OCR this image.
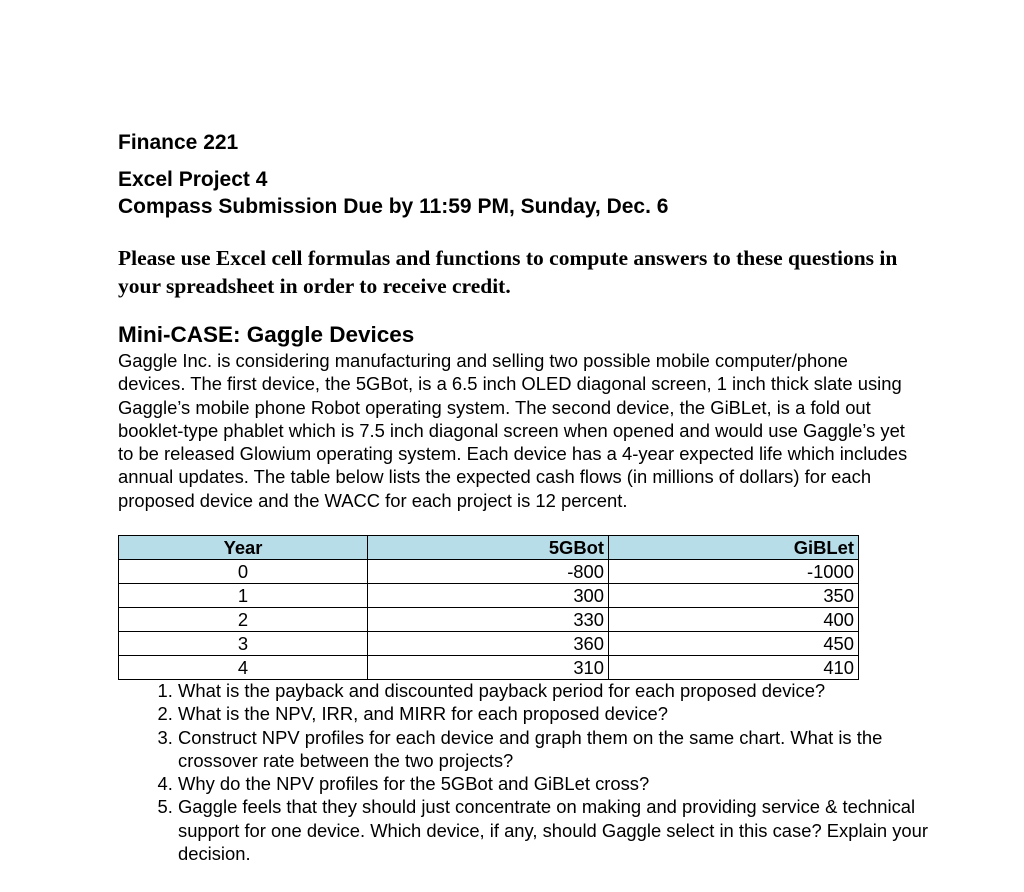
Finance 221
Excel Project 4
Compass Submission Due by 11:59 PM, Sunday, Dec. 6
Please use Excel cell formulas and functions to compute answers to these questions in your spreadsheet in order to receive credit.
Mini-CASE: Gaggle Devices
Gaggle Inc. is considering manufacturing and selling two possible mobile computer/phone devices. The first device, the 5GBot, is a 6.5 inch OLED diagonal screen, 1 inch thick slate using Gaggle’s mobile phone Robot operating system. The second device, the GiBLet, is a fold out booklet-type phablet which is 7.5 inch diagonal screen when opened and would use Gaggle’s yet to be released Glowium operating system. Each device has a 4-year expected life which includes annual updates. The table below lists the expected cash flows (in millions of dollars) for each proposed device and the WACC for each project is 12 percent.
Year	5GBot	GiBLet
0	-800	-1000
1	300	350
2	330	400
3	360	450
4	310	410
1. What is the payback and discounted payback period for each proposed device?
2. What is the NPV, IRR, and MIRR for each proposed device?
3. Construct NPV profiles for each device and graph them on the same chart. What is the crossover rate between the two projects?
4. Why do the NPV profiles for the 5GBot and GiBLet cross?
5. Gaggle feels that they should just concentrate on making and providing service & technical support for one device. Which device, if any, should Gaggle select in this case? Explain your decision.
